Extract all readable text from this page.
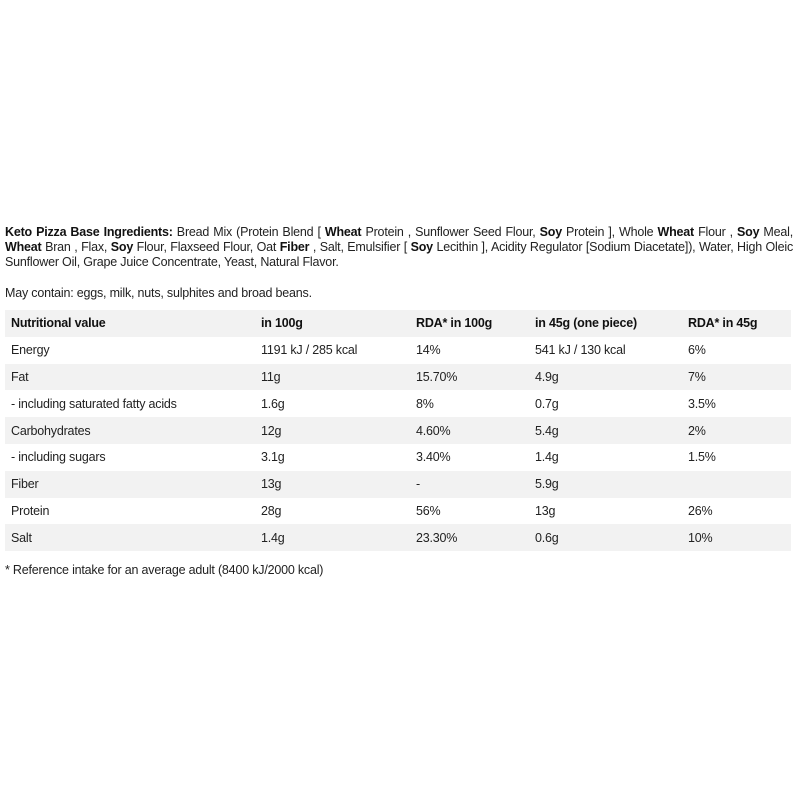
Keto Pizza Base Ingredients: Bread Mix (Protein Blend [ Wheat Protein , Sunflower Seed Flour, Soy Protein ], Whole Wheat Flour , Soy Meal, Wheat Bran , Flax, Soy Flour, Flaxseed Flour, Oat Fiber , Salt, Emulsifier [ Soy Lecithin ], Acidity Regulator [Sodium Diacetate]), Water, High Oleic Sunflower Oil, Grape Juice Concentrate, Yeast, Natural Flavor.

May contain: eggs, milk, nuts, sulphites and broad beans.
Nutritional value	in 100g	RDA* in 100g	in 45g (one piece)	RDA* in 45g
Energy	1191 kJ / 285 kcal	14%	541 kJ / 130 kcal	6%
Fat	11g	15.70%	4.9g	7%
- including saturated fatty acids	1.6g	8%	0.7g	3.5%
Carbohydrates	12g	4.60%	5.4g	2%
- including sugars	3.1g	3.40%	1.4g	1.5%
Fiber	13g	-	5.9g	
Protein	28g	56%	13g	26%
Salt	1.4g	23.30%	0.6g	10%
* Reference intake for an average adult (8400 kJ/2000 kcal)
